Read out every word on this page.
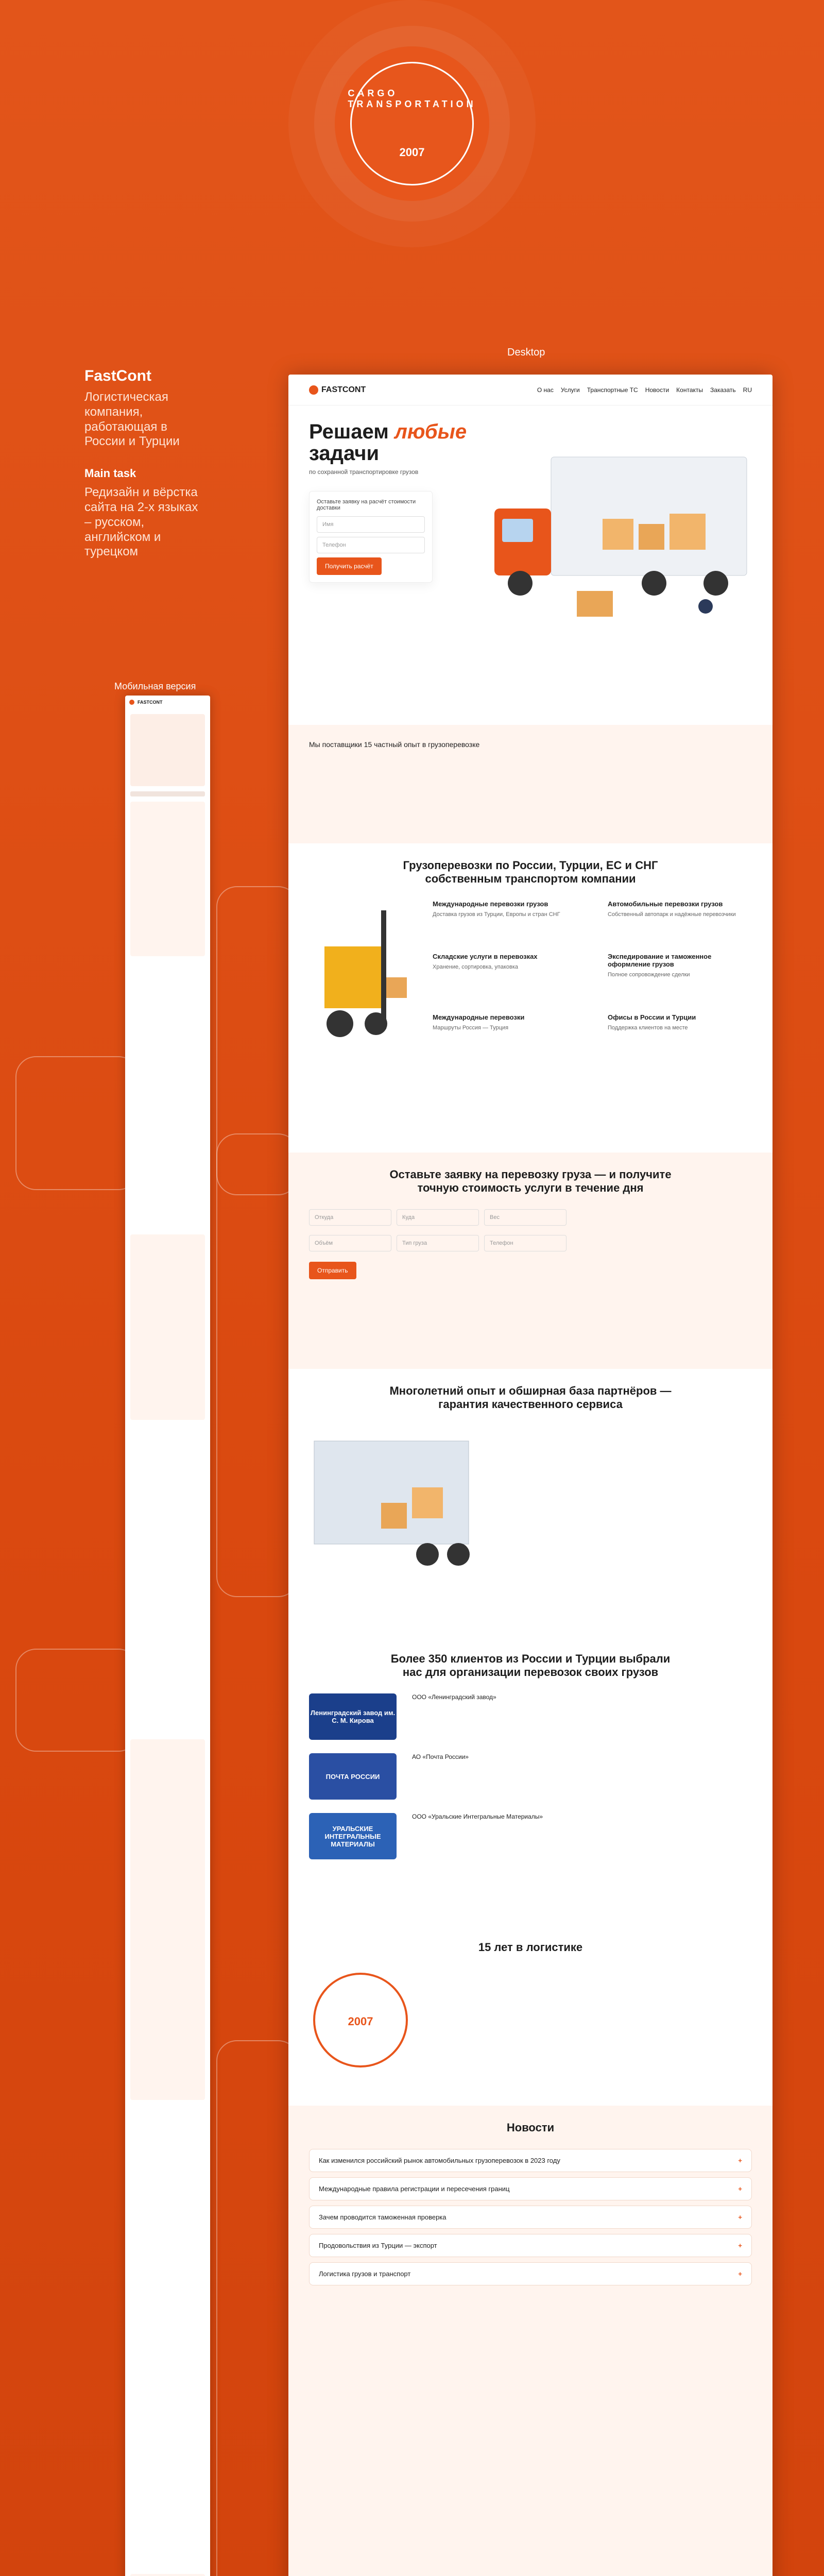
CARGO TRANSPORTATION
2007
FastCont

Логистическая компания, работающая в России и Турции

Main task

Редизайн и вёрстка сайта на 2-х языках – русском, английском и турецком

Desktop
Мобильная версия
FASTCONT	О нас Услуги Транспортные ТС Новости Контакты Заказать RU
Решаем любые задачи

по сохранной транспортировке грузов

Оставьте заявку на расчёт стоимости доставки

Имя
Телефон
Получить расчёт

Мы поставщики 15 частный опыт в грузоперевозке

Грузоперевозки по России, Турции, ЕС и СНГ собственным транспортом компании
Международные перевозки грузов

Доставка грузов из Турции, Европы и стран СНГ

Автомобильные перевозки грузов

Собственный автопарк и надёжные перевозчики

Складские услуги в перевозках

Хранение, сортировка, упаковка

Экспедирование и таможенное оформление грузов

Полное сопровождение сделки

Международные перевозки

Маршруты Россия — Турция

Офисы в России и Турции

Поддержка клиентов на месте

Оставьте заявку на перевозку груза — и получите точную стоимость услуги в течение дня
Откуда	Куда	Вес
Объём	Тип груза	Телефон
Отправить
Многолетний опыт и обширная база партнёров — гарантия качественного сервиса
Более 350 клиентов из России и Турции выбрали нас для организации перевозок своих грузов
Ленинградский завод им. С. М. Кирова

ООО «Ленинградский завод»

ПОЧТА РОССИИ

АО «Почта России»

УРАЛЬСКИЕ ИНТЕГРАЛЬНЫЕ МАТЕРИАЛЫ

ООО «Уральские Интегральные Материалы»

15 лет в логистике
2007
Новости
Как изменился российский рынок автомобильных грузоперевозок в 2023 году	+
Международные правила регистрации и пересечения границ	+
Зачем проводится таможенная проверка	+
Продовольствия из Турции — экспорт	+
Логистика грузов и транспорт	+
FASTCONT
